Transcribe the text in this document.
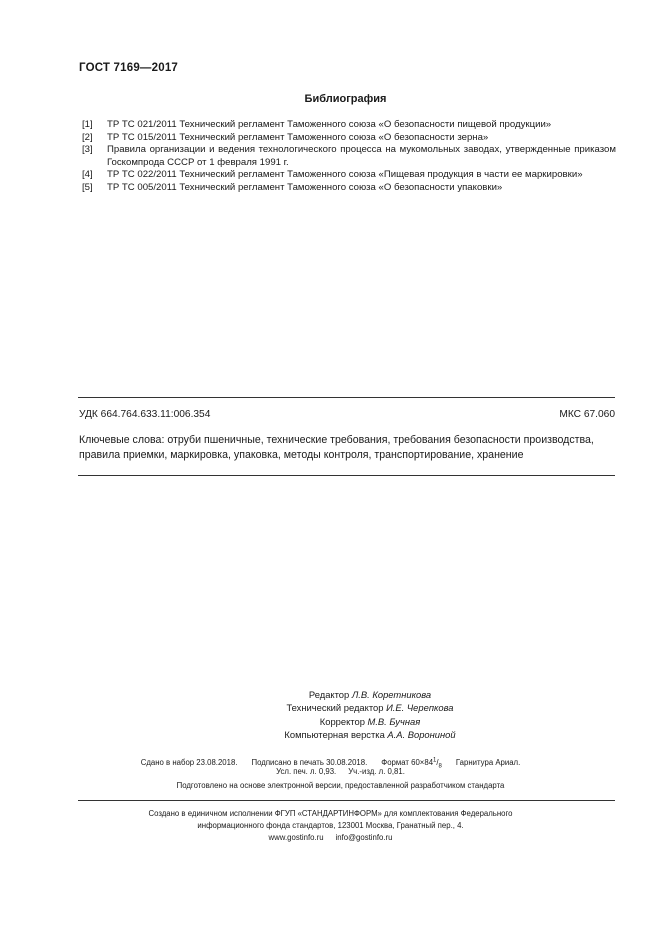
ГОСТ 7169—2017
Библиография
[1]	ТР ТС 021/2011 Технический регламент Таможенного союза «О безопасности пищевой продукции»
[2]	ТР ТС 015/2011 Технический регламент Таможенного союза «О безопасности зерна»
[3]	Правила организации и ведения технологического процесса на мукомольных заводах, утвержденные приказом Госкомпрода СССР от 1 февраля 1991 г.
[4]	ТР ТС 022/2011 Технический регламент Таможенного союза «Пищевая продукция в части ее маркировки»
[5]	ТР ТС 005/2011 Технический регламент Таможенного союза «О безопасности упаковки»
УДК 664.764.633.11:006.354	МКС 67.060
Ключевые слова: отруби пшеничные, технические требования, требования безопасности производства, правила приемки, маркировка, упаковка, методы контроля, транспортирование, хранение
Редактор Л.В. Коретникова
Технический редактор И.Е. Черепкова
Корректор М.В. Бучная
Компьютерная верстка А.А. Ворониной
Сдано в набор 23.08.2018. Подписано в печать 30.08.2018. Формат $60\times 84^1/_8$ Гарнитура Ариал.
Усл. печ. л. 0,93. Уч.-изд. л. 0,81.
Подготовлено на основе электронной версии, предоставленной разработчиком стандарта
Создано в единичном исполнении ФГУП «СТАНДАРТИНФОРМ» для комплектования Федерального
информационного фонда стандартов, 123001 Москва, Гранатный пер., 4.
www.gostinfo.ru info@gostinfo.ru
